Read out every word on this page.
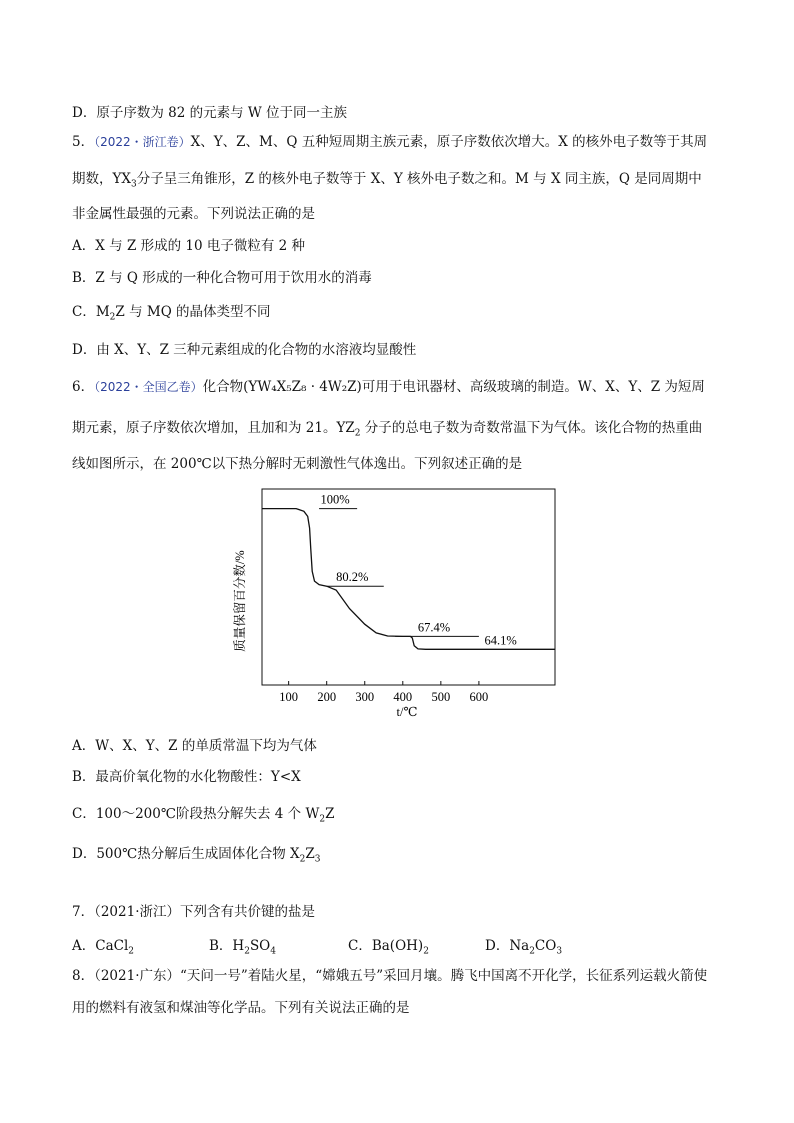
D．原子序数为 82 的元素与 W 位于同一主族
5．（2022・浙江卷）X、Y、Z、M、Q 五种短周期主族元素，原子序数依次增大。X 的核外电子数等于其周
期数，$YX_3$分子呈三角锥形，Z 的核外电子数等于 X、Y 核外电子数之和。M 与 X 同主族，Q 是同周期中
非金属性最强的元素。下列说法正确的是
A．X 与 Z 形成的 10 电子微粒有 2 种
B．Z 与 Q 形成的一种化合物可用于饮用水的消毒
C．$M_2Z$ 与 MQ 的晶体类型不同
D．由 X、Y、Z 三种元素组成的化合物的水溶液均显酸性
6．（2022・全国乙卷）化合物(YW₄X₅Z₈ · 4W₂Z)可用于电讯器材、高级玻璃的制造。W、X、Y、Z 为短周
期元素，原子序数依次增加，且加和为 21。$YZ_2$ 分子的总电子数为奇数常温下为气体。该化合物的热重曲
线如图所示，在 200℃以下热分解时无刺激性气体逸出。下列叙述正确的是
100 200 300 400 500 600
100%
80.2%
67.4%
64.1%
质量保留百分数/%
t/℃
A．W、X、Y、Z 的单质常温下均为气体
B．最高价氧化物的水化物酸性：Y<X
C．100～200℃阶段热分解失去 4 个 $W_2Z$
D．500℃热分解后生成固体化合物 $X_2Z_3$
7．（2021·浙江）下列含有共价键的盐是
A．CaCl$_2$	B．$H_2SO_4$	C．$Ba(OH)_2$	D．$Na_2CO_3$
8．（2021·广东）“天问一号”着陆火星，“嫦娥五号”采回月壤。腾飞中国离不开化学，长征系列运载火箭使
用的燃料有液氢和煤油等化学品。下列有关说法正确的是
